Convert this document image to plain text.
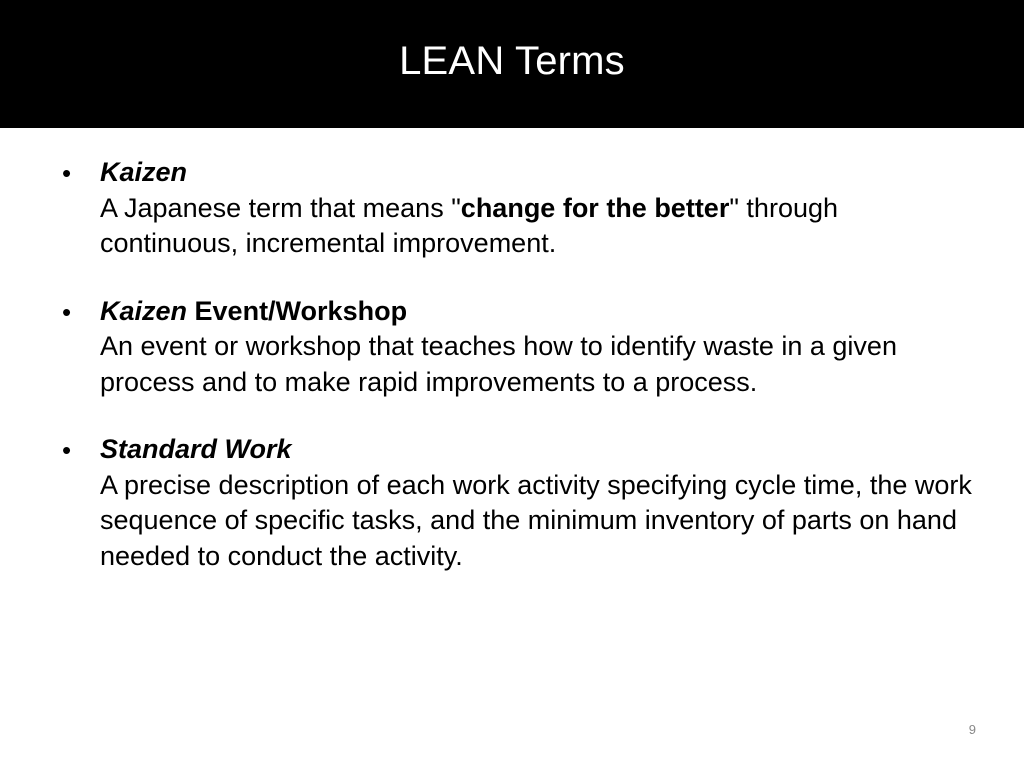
LEAN Terms
•	Kaizen
A Japanese term that means "change for the better" through continuous, incremental improvement.
•	Kaizen Event/Workshop
An event or workshop that teaches how to identify waste in a given process and to make rapid improvements to a process.
•	Standard Work
A precise description of each work activity specifying cycle time, the work sequence of specific tasks, and the minimum inventory of parts on hand needed to conduct the activity.
9
